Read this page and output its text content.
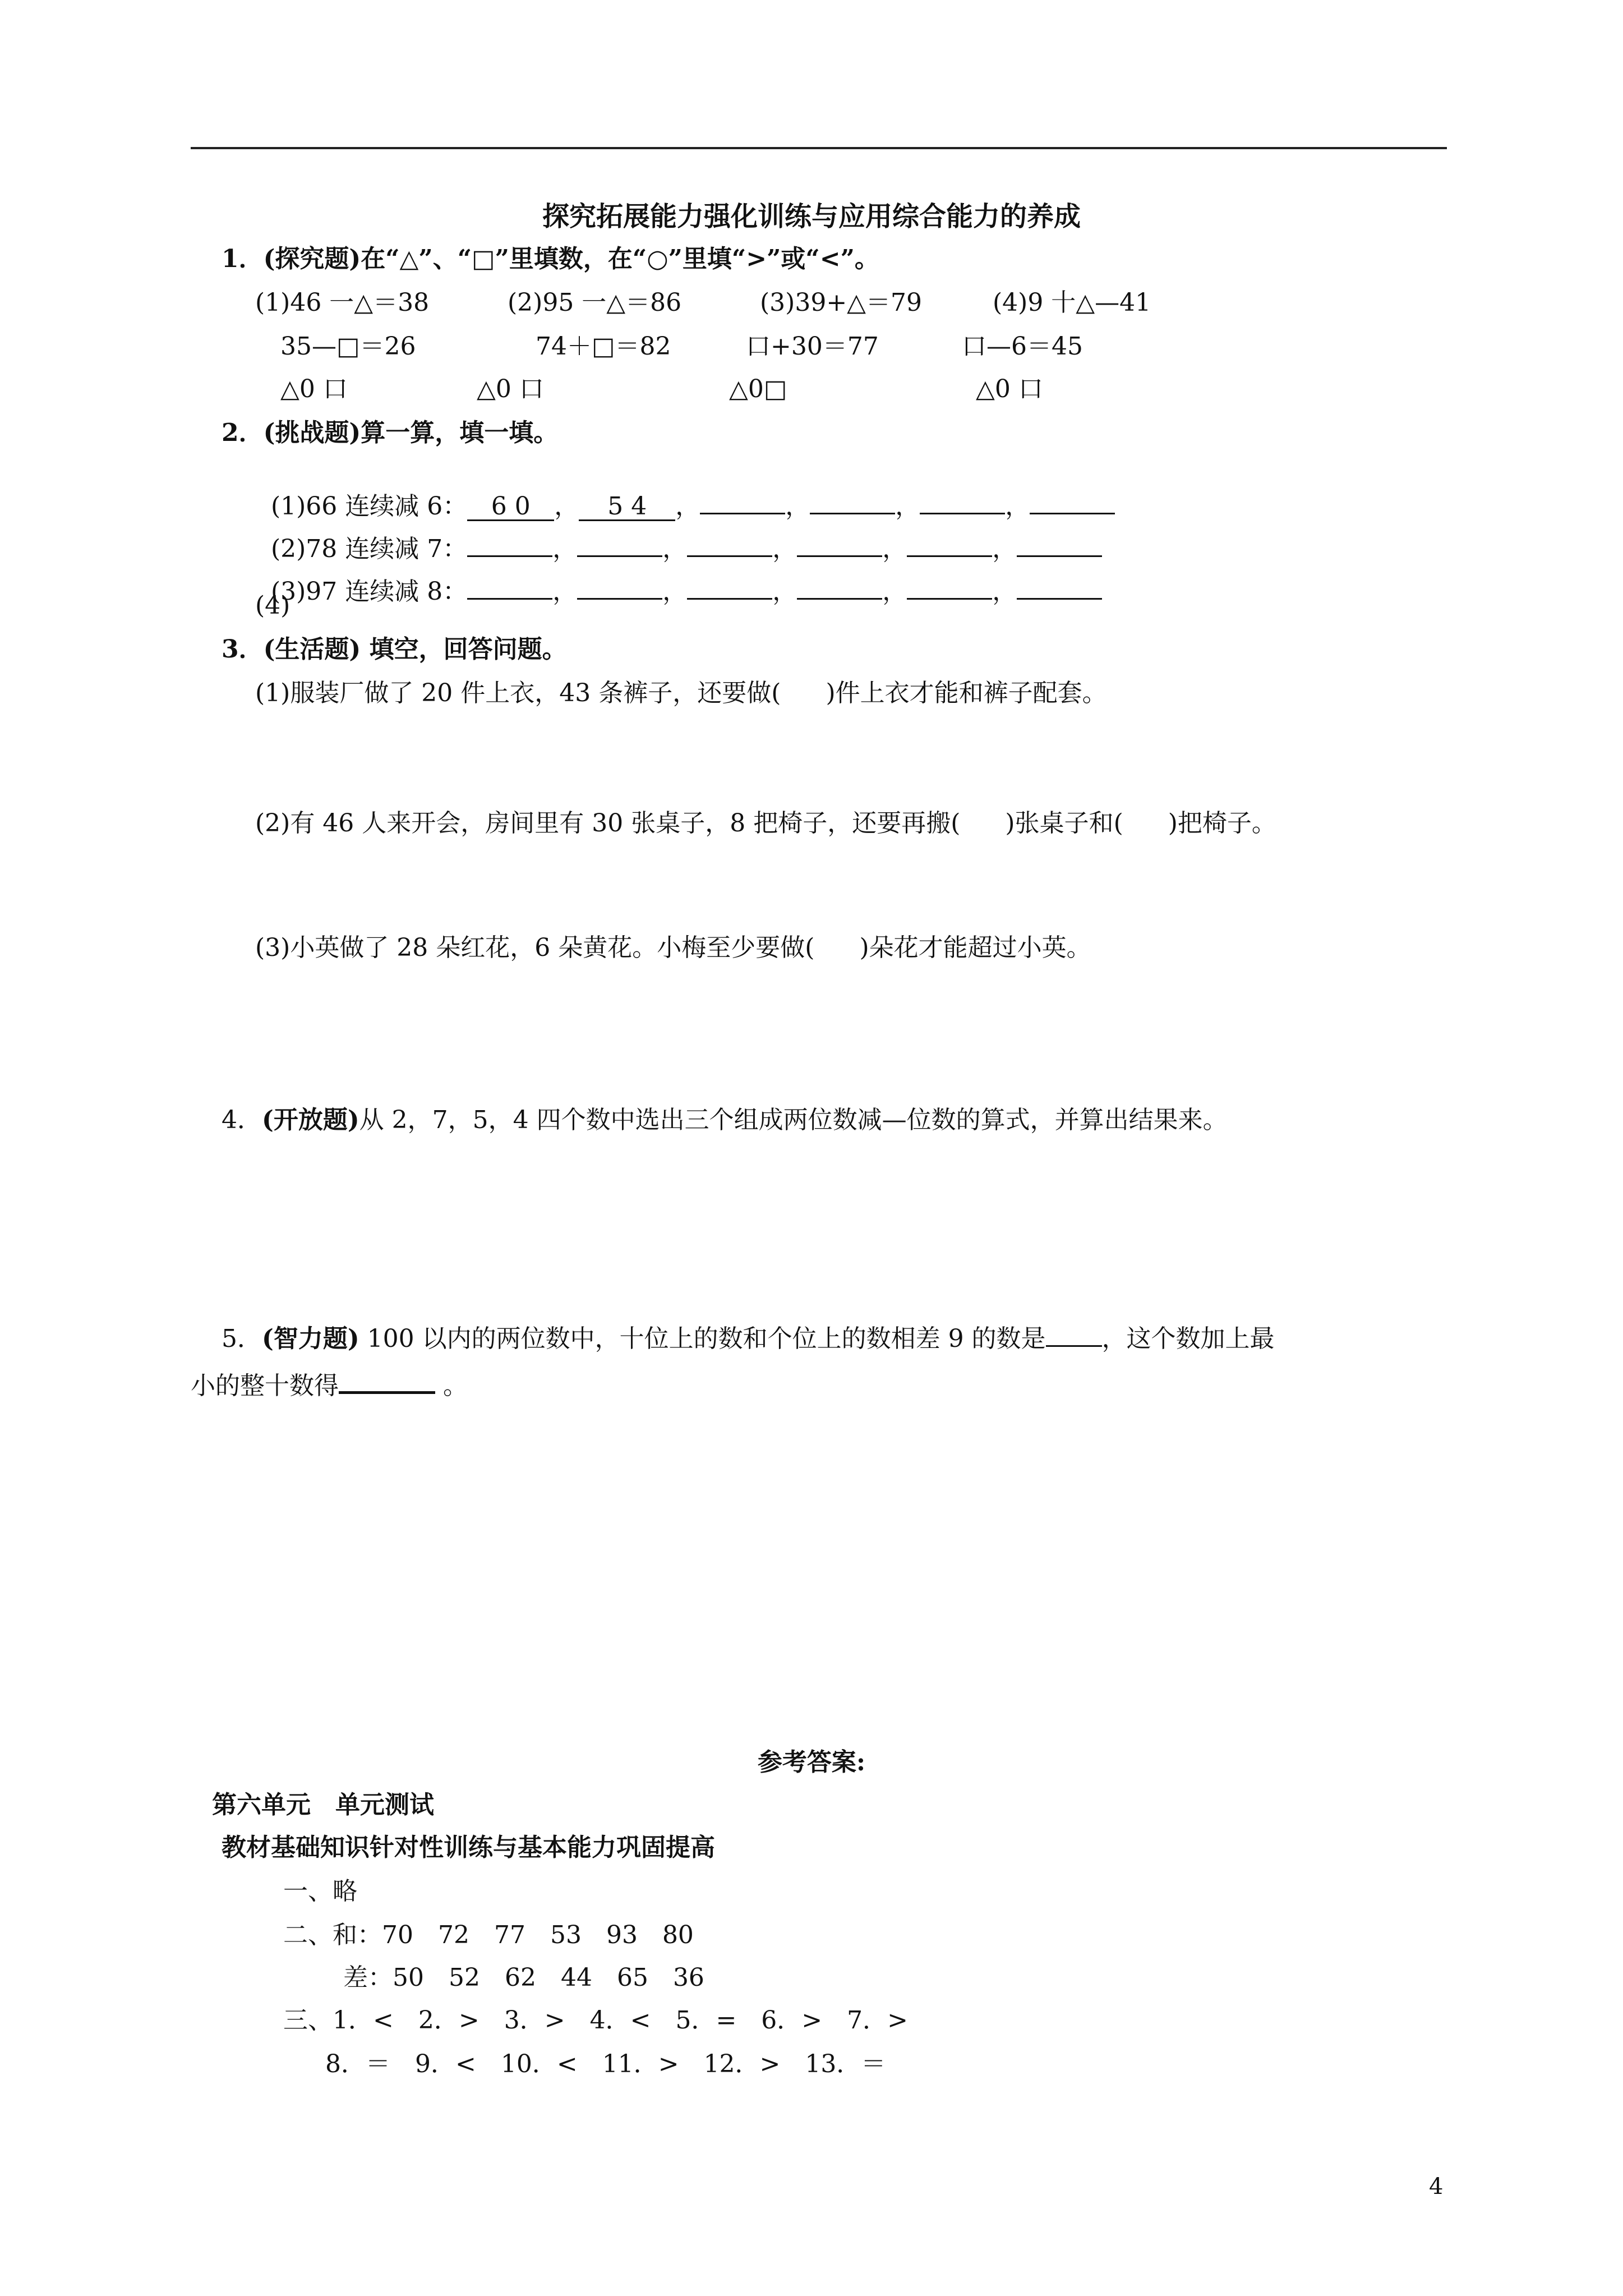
探究拓展能力强化训练与应用综合能力的养成
1．(探究题)在“△”、“□”里填数，在“○”里填“>”或“<”。
(1)46 一△＝38	(2)95 一△＝86	(3)39+△＝79	(4)9 十△—41
35—□＝26	74＋□＝82	口+30＝77	口—6＝45
△0 口	△0 口	△0□	△0 口
2．(挑战题)算一算，填一填。

(1)66 连续减 6： 6 0 ， 5 4 ，	，	，	，

(2)78 连续减 7：	，	，	，	，	，

(3)97 连续减 8：	，	，	，	，	，

(4)
3．(生活题) 填空，回答问题。
(1)服装厂做了 20 件上衣，43 条裤子，还要做( )件上衣才能和裤子配套。
(2)有 46 人来开会，房间里有 30 张桌子，8 把椅子，还要再搬( )张桌子和( )把椅子。
(3)小英做了 28 朵红花，6 朵黄花。小梅至少要做( )朵花才能超过小英。
4．(开放题)从 2，7，5，4 四个数中选出三个组成两位数减—位数的算式，并算出结果来。
5．(智力题) 100 以内的两位数中，十位上的数和个位上的数相差 9 的数是 ，这个数加上最
小的整十数得	。
参考答案:
第六单元　单元测试
教材基础知识针对性训练与基本能力巩固提高
一、略
二、和：70　72　77　53　93　80
差：50　52　62　44　65　36
三、1．<　2．>　3．>　4．<　5．=　6．>　7．>
8．＝　9．<　10．<　11．>　12．>　13．＝
4
